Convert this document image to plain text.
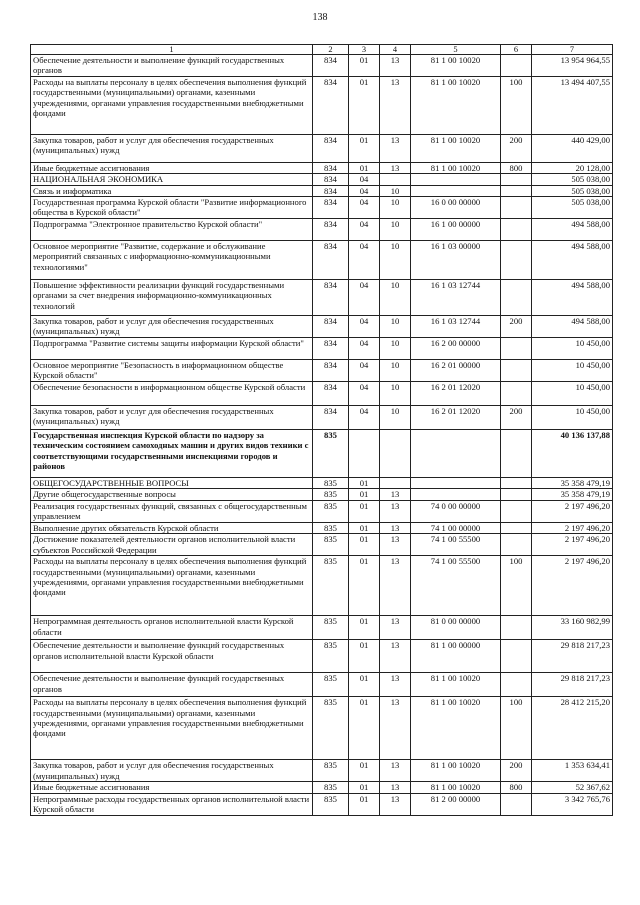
138
1	2	3	4	5	6	7
Обеспечение деятельности и выполнение функций государственных органов	834	01	13	81 1 00 10020		13 954 964,55
Расходы на выплаты персоналу в целях обеспечения выполнения функций государственными (муниципальными) органами, казенными учреждениями, органами управления государственными внебюджетными фондами	834	01	13	81 1 00 10020	100	13 494 407,55
Закупка товаров, работ и услуг для обеспечения государственных (муниципальных) нужд	834	01	13	81 1 00 10020	200	440 429,00
Иные бюджетные ассигнования	834	01	13	81 1 00 10020	800	20 128,00
НАЦИОНАЛЬНАЯ ЭКОНОМИКА	834	04				505 038,00
Связь и информатика	834	04	10			505 038,00
Государственная программа Курской области "Развитие информационного общества в Курской области"	834	04	10	16 0 00 00000		505 038,00
Подпрограмма "Электронное правительство Курской области"	834	04	10	16 1 00 00000		494 588,00
Основное мероприятие "Развитие, содержание и обслуживание мероприятий связанных с информационно-коммуникационными технологиями"	834	04	10	16 1 03 00000		494 588,00
Повышение эффективности реализации функций государственными органами за счет внедрения информационно-коммуникационных технологий	834	04	10	16 1 03 12744		494 588,00
Закупка товаров, работ и услуг для обеспечения государственных (муниципальных) нужд	834	04	10	16 1 03 12744	200	494 588,00
Подпрограмма "Развитие системы защиты информации Курской области"	834	04	10	16 2 00 00000		10 450,00
Основное мероприятие "Безопасность в информационном обществе Курской области"	834	04	10	16 2 01 00000		10 450,00
Обеспечение безопасности в информационном обществе Курской области	834	04	10	16 2 01 12020		10 450,00
Закупка товаров, работ и услуг для обеспечения государственных (муниципальных) нужд	834	04	10	16 2 01 12020	200	10 450,00
Государственная инспекция Курской области по надзору за техническим состоянием самоходных машин и других видов техники с соответствующими государственными инспекциями городов и районов	835					40 136 137,88
ОБЩЕГОСУДАРСТВЕННЫЕ ВОПРОСЫ	835	01				35 358 479,19
Другие общегосударственные вопросы	835	01	13			35 358 479,19
Реализация государственных функций, связанных с общегосударственным управлением	835	01	13	74 0 00 00000		2 197 496,20
Выполнение других обязательств Курской области	835	01	13	74 1 00 00000		2 197 496,20
Достижение показателей деятельности органов исполнительной власти субъектов Российской Федерации	835	01	13	74 1 00 55500		2 197 496,20
Расходы на выплаты персоналу в целях обеспечения выполнения функций государственными (муниципальными) органами, казенными учреждениями, органами управления государственными внебюджетными фондами	835	01	13	74 1 00 55500	100	2 197 496,20
Непрограммная деятельность органов исполнительной власти Курской области	835	01	13	81 0 00 00000		33 160 982,99
Обеспечение деятельности и выполнение функций государственных органов исполнительной власти Курской области	835	01	13	81 1 00 00000		29 818 217,23
Обеспечение деятельности и выполнение функций государственных органов	835	01	13	81 1 00 10020		29 818 217,23
Расходы на выплаты персоналу в целях обеспечения выполнения функций государственными (муниципальными) органами, казенными учреждениями, органами управления государственными внебюджетными фондами	835	01	13	81 1 00 10020	100	28 412 215,20
Закупка товаров, работ и услуг для обеспечения государственных (муниципальных) нужд	835	01	13	81 1 00 10020	200	1 353 634,41
Иные бюджетные ассигнования	835	01	13	81 1 00 10020	800	52 367,62
Непрограммные расходы государственных органов исполнительной власти Курской области	835	01	13	81 2 00 00000		3 342 765,76
